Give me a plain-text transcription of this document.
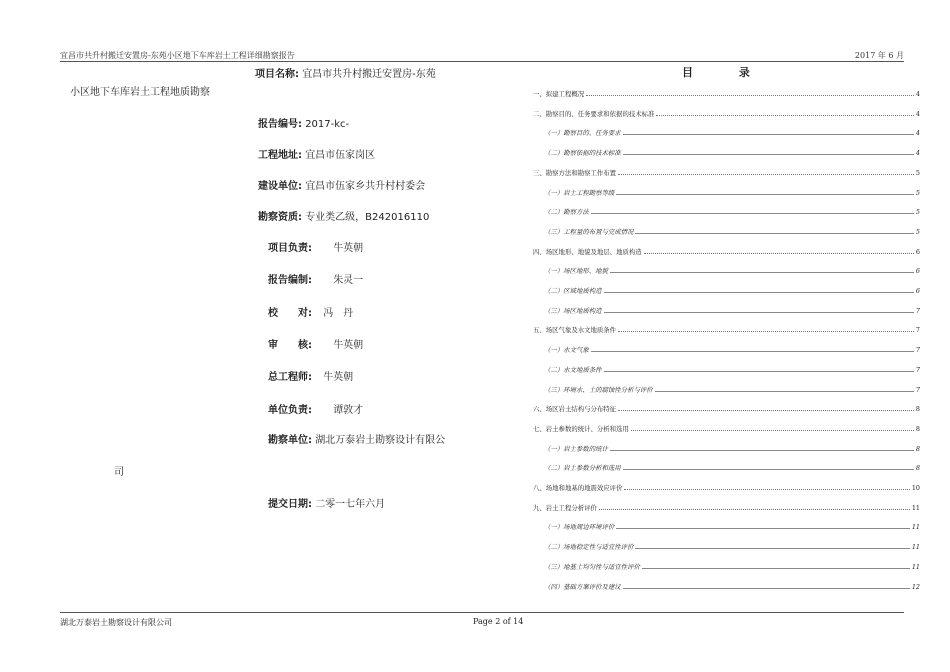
宜昌市共升村搬迁安置房-东苑小区地下车库岩土工程详细勘察报告	2017 年 6 月
项目名称: 宜昌市共升村搬迁安置房-东苑
小区地下车库岩土工程地质勘察
报告编号: 2017-kc-
工程地址: 宜昌市伍家岗区
建设单位: 宜昌市伍家乡共升村村委会
勘察资质: 专业类乙级，B242016110
项目负责: 牛英朝
报告编制: 朱灵一
校　　对: 冯　丹
审　　核: 牛英朝
总工程师: 牛英朝
单位负责: 谭敦才
勘察单位: 湖北万泰岩土勘察设计有限公
司
提交日期: 二零一七年六月
目	录
一、拟建工程概况	4
二、勘察目的、任务要求和依据的技术标准	4
（一）勘察目的、任务要求	4
（二）勘察依据的技术标准	4
三、勘察方法和勘察工作布置	5
（一）岩土工程勘察等级	5
（二）勘察方法	5
（三）工程量的布置与完成情况	5
四、场区地形、地貌及地层、地质构造	6
（一）场区地形、地貌	6
（二）区域地质构造	6
（三）场区地质构造	7
五、场区气象及水文地质条件	7
（一）水文气象	7
（二）水文地质条件	7
（三）环境水、土的腐蚀性分析与评价	7
六、场区岩土结构与分布特征	8
七、岩土参数的统计、分析和选用	8
（一）岩土参数的统计	8
（二）岩土参数分析和选用	8
八、场地和地基的地震效应评价	10
九、岩土工程分析评价	11
（一）场地周边环境评价	11
（二）场地稳定性与适宜性评价	11
（三）地基土均匀性与适宜性评价	11
（四）基础方案评价及建议	12
湖北万泰岩土勘察设计有限公司	Page 2 of 14
